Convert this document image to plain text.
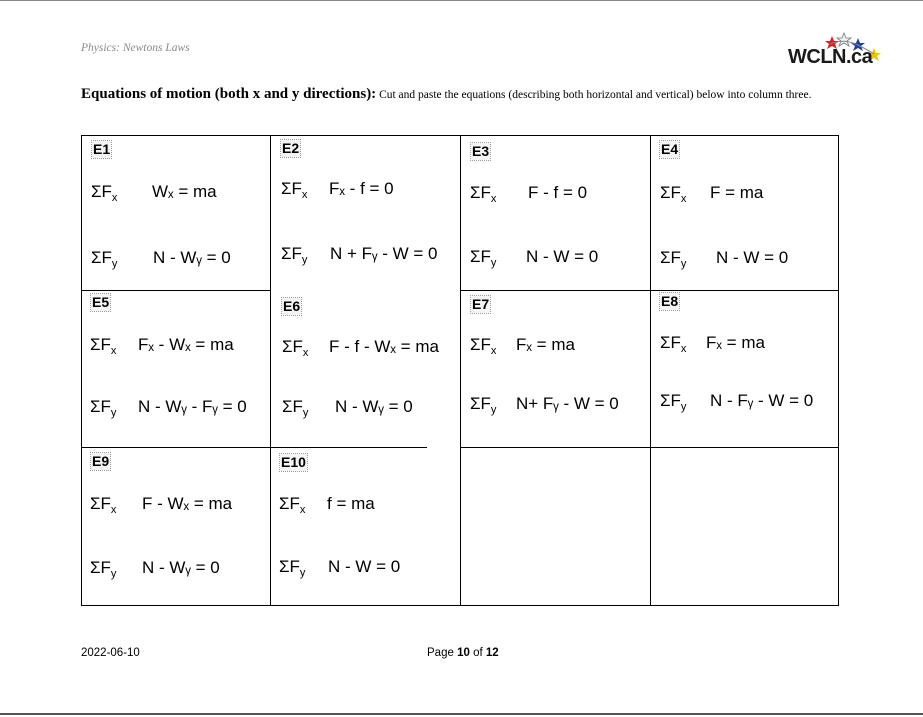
Physics: Newtons Laws	WCLN.ca
Equations of motion (both x and y directions): Cut and paste the equations (describing both horizontal and vertical) below into column three.
E1
$\Sigma F_x$ Wₓ = ma
$\Sigma F_y$ N - Wᵧ = 0
E2
$\Sigma F_x$ Fₓ - f = 0
$\Sigma F_y$ N + Fᵧ - W = 0
E3
$\Sigma F_x$ F - f = 0
$\Sigma F_y$ N - W = 0
E4
$\Sigma F_x$ F = ma
$\Sigma F_y$ N - W = 0
E5
$\Sigma F_x$ Fₓ - Wₓ = ma
$\Sigma F_y$ N - Wᵧ - Fᵧ = 0
E6
$\Sigma F_x$ F - f - Wₓ = ma
$\Sigma F_y$ N - Wᵧ = 0
E7
$\Sigma F_x$ Fₓ = ma
$\Sigma F_y$ N+ Fᵧ - W = 0
E8
$\Sigma F_x$ Fₓ = ma
$\Sigma F_y$ N - Fᵧ - W = 0
E9
$\Sigma F_x$ F - Wₓ = ma
$\Sigma F_y$ N - Wᵧ = 0
E10
$\Sigma F_x$ f = ma
$\Sigma F_y$ N - W = 0
2022-06-10	Page 10 of 12
